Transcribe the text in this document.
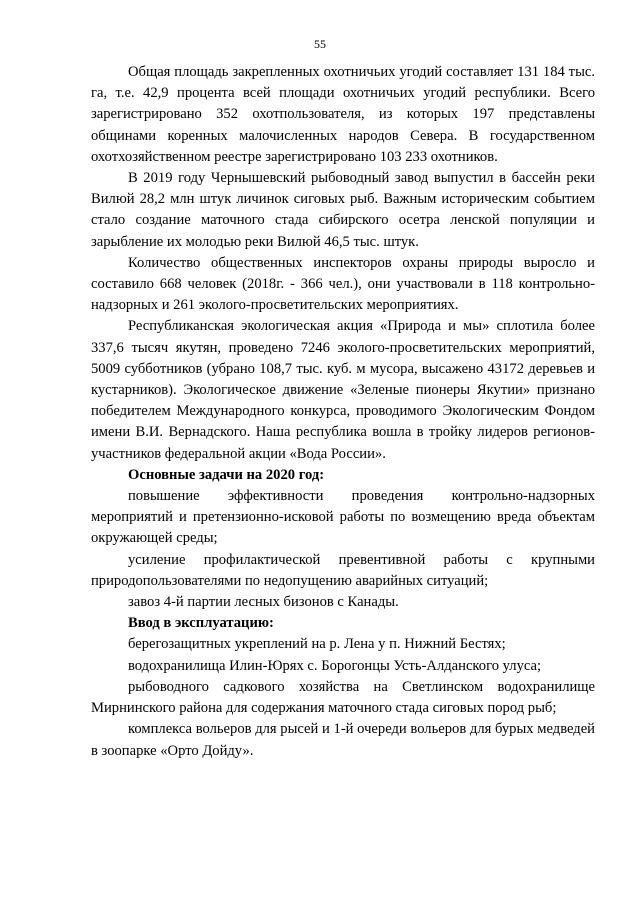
55

Общая площадь закрепленных охотничьих угодий составляет 131 184 тыс. га, т.е. 42,9 процента всей площади охотничьих угодий республики. Всего зарегистрировано 352 охотпользователя, из которых 197 представлены общинами коренных малочисленных народов Севера. В государственном охотхозяйственном реестре зарегистрировано 103 233 охотников.

В 2019 году Чернышевский рыбоводный завод выпустил в бассейн реки Вилюй 28,2 млн штук личинок сиговых рыб. Важным историческим событием стало создание маточного стада сибирского осетра ленской популяции и зарыбление их молодью реки Вилюй 46,5 тыс. штук.

Количество общественных инспекторов охраны природы выросло и составило 668 человек (2018г. - 366 чел.), они участвовали в 118 контрольно-надзорных и 261 эколого-просветительских мероприятиях.

Республиканская экологическая акция «Природа и мы» сплотила более 337,6 тысяч якутян, проведено 7246 эколого-просветительских мероприятий, 5009 субботников (убрано 108,7 тыс. куб. м мусора, высажено 43172 деревьев и кустарников). Экологическое движение «Зеленые пионеры Якутии» признано победителем Международного конкурса, проводимого Экологическим Фондом имени В.И. Вернадского. Наша республика вошла в тройку лидеров регионов-участников федеральной акции «Вода России».

Основные задачи на 2020 год:

повышение эффективности проведения контрольно-надзорных мероприятий и претензионно-исковой работы по возмещению вреда объектам окружающей среды;

усиление профилактической превентивной работы с крупными природопользователями по недопущению аварийных ситуаций;

завоз 4-й партии лесных бизонов с Канады.

Ввод в эксплуатацию:

берегозащитных укреплений на р. Лена у п. Нижний Бестях;

водохранилища Илин-Юрях с. Борогонцы Усть-Алданского улуса;

рыбоводного садкового хозяйства на Светлинском водохранилище Мирнинского района для содержания маточного стада сиговых пород рыб;

комплекса вольеров для рысей и 1-й очереди вольеров для бурых медведей в зоопарке «Орто Дойду».
